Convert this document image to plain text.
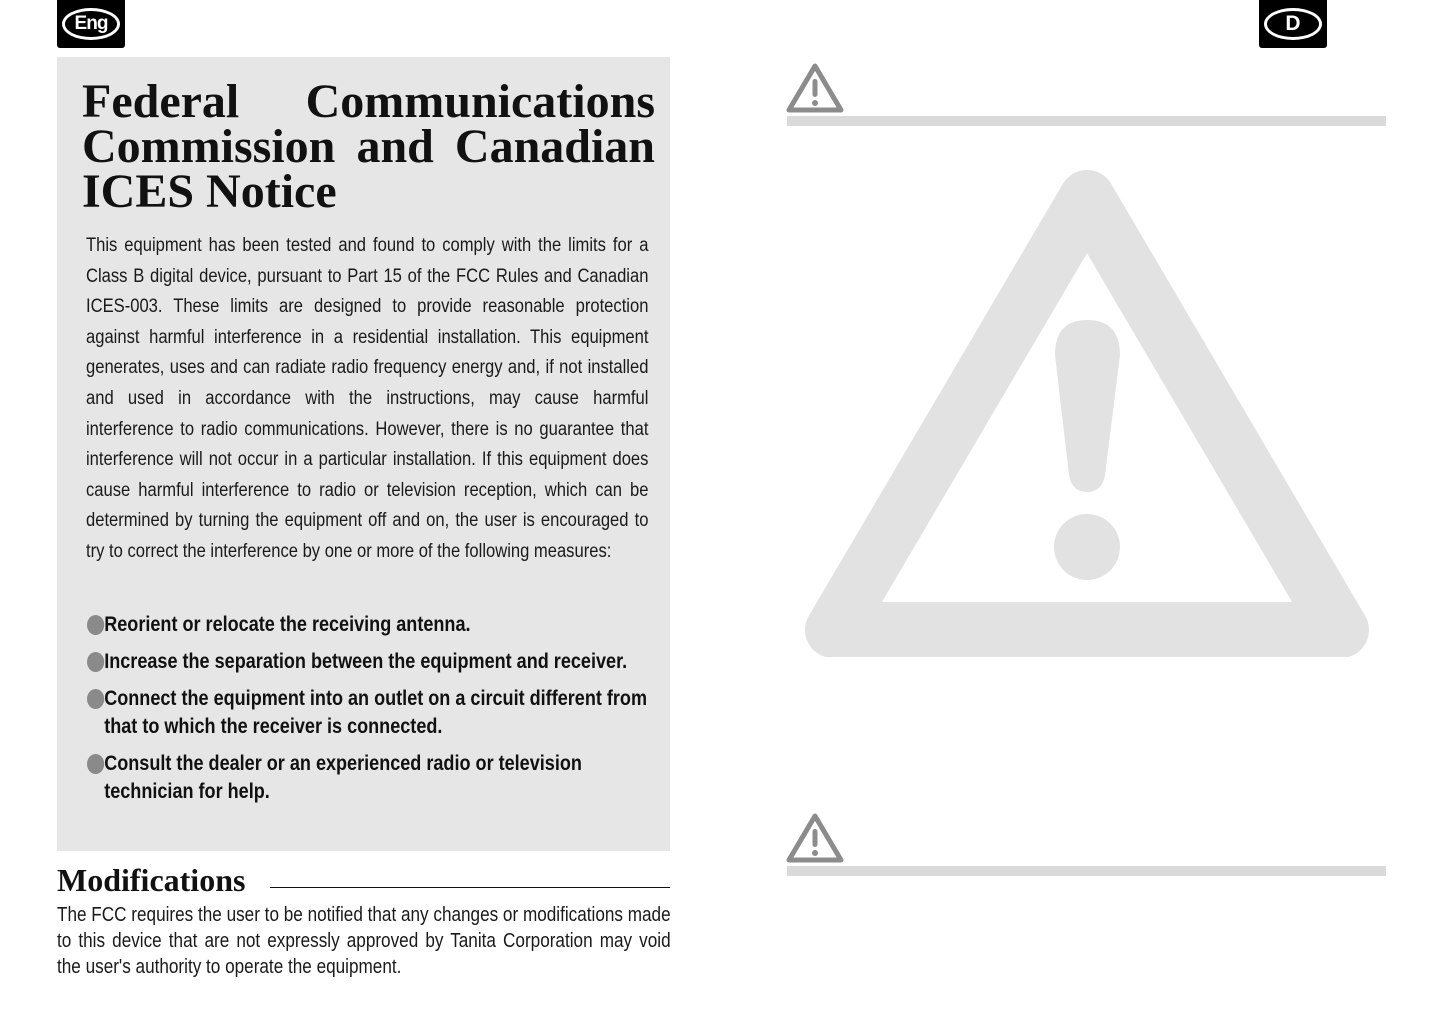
Eng	D
Federal Communications
Commission and Canadian
ICES Notice
This equipment has been tested and found to comply with the limits for a Class B digital device, pursuant to Part 15 of the FCC Rules and Canadian ICES-003. These limits are designed to provide reasonable protection against harmful interference in a residential installation. This equipment generates, uses and can radiate radio frequency energy and, if not installed and used in accordance with the instructions, may cause harmful interference to radio communications. However, there is no guarantee that interference will not occur in a particular installation. If this equipment does cause harmful interference to radio or television reception, which can be determined by turning the equipment off and on, the user is encouraged to try to correct the interference by one or more of the following measures:
Reorient or relocate the receiving antenna.
Increase the separation between the equipment and receiver.
Connect the equipment into an outlet on a circuit different from that to which the receiver is connected.
Consult the dealer or an experienced radio or television technician for help.
Modifications
The FCC requires the user to be notified that any changes or modifications made to this device that are not expressly approved by Tanita Corporation may void the user's authority to operate the equipment.
